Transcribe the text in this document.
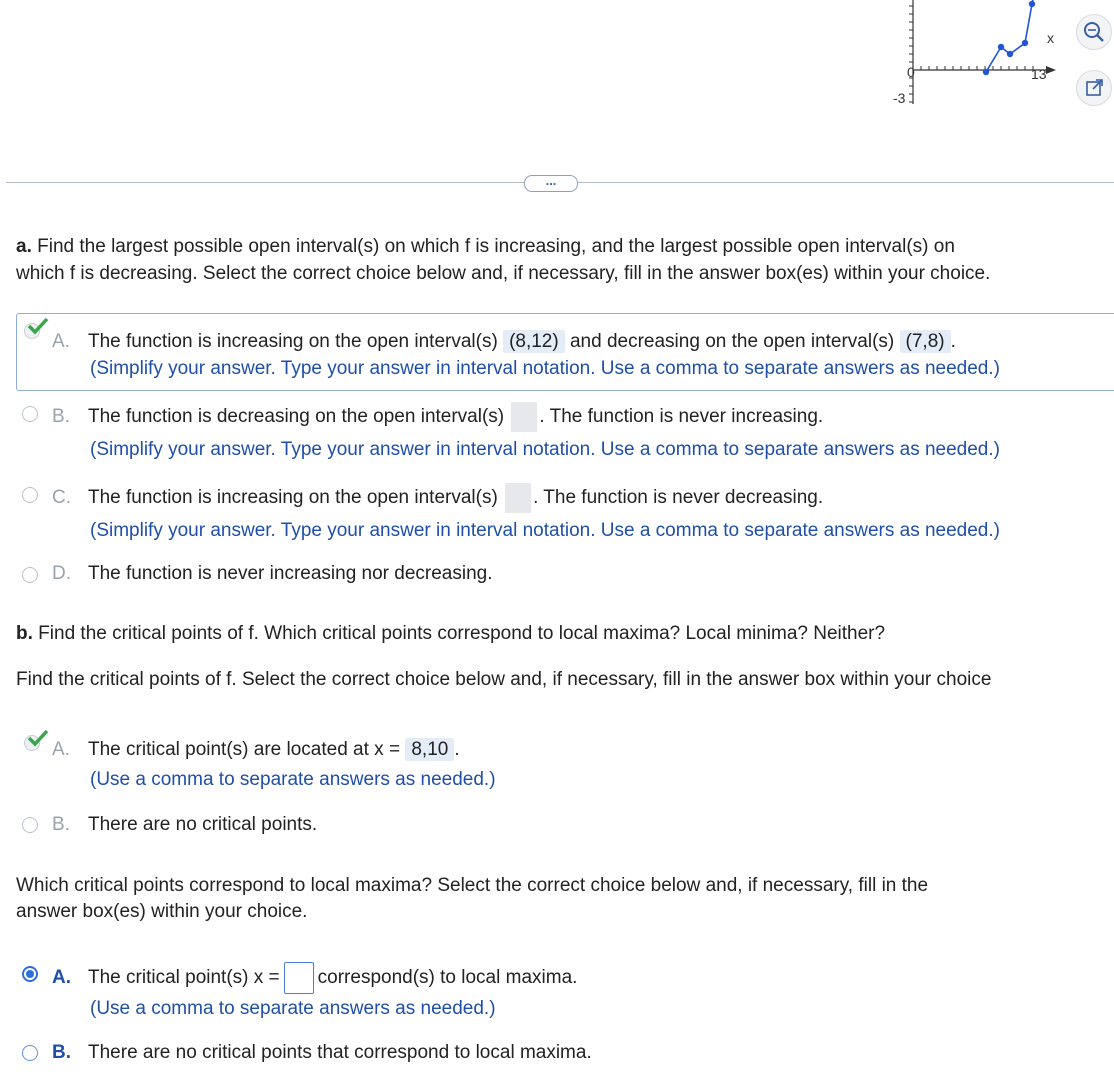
0
-3
x
13
...
a. Find the largest possible open interval(s) on which f is increasing, and the largest possible open interval(s) on
which f is decreasing. Select the correct choice below and, if necessary, fill in the answer box(es) within your choice.
A. The function is increasing on the open interval(s) (8,12) and decreasing on the open interval(s) (7,8) .
(Simplify your answer. Type your answer in interval notation. Use a comma to separate answers as needed.)
B. The function is decreasing on the open interval(s) . The function is never increasing.
(Simplify your answer. Type your answer in interval notation. Use a comma to separate answers as needed.)
C. The function is increasing on the open interval(s) . The function is never decreasing.
(Simplify your answer. Type your answer in interval notation. Use a comma to separate answers as needed.)
D. The function is never increasing nor decreasing.
b. Find the critical points of f. Which critical points correspond to local maxima? Local minima? Neither?
Find the critical points of f. Select the correct choice below and, if necessary, fill in the answer box within your choice
A. The critical point(s) are located at x = 8,10 .
(Use a comma to separate answers as needed.)
B. There are no critical points.
Which critical points correspond to local maxima? Select the correct choice below and, if necessary, fill in the
answer box(es) within your choice.
A. The critical point(s) x = correspond(s) to local maxima.
(Use a comma to separate answers as needed.)
B. There are no critical points that correspond to local maxima.
